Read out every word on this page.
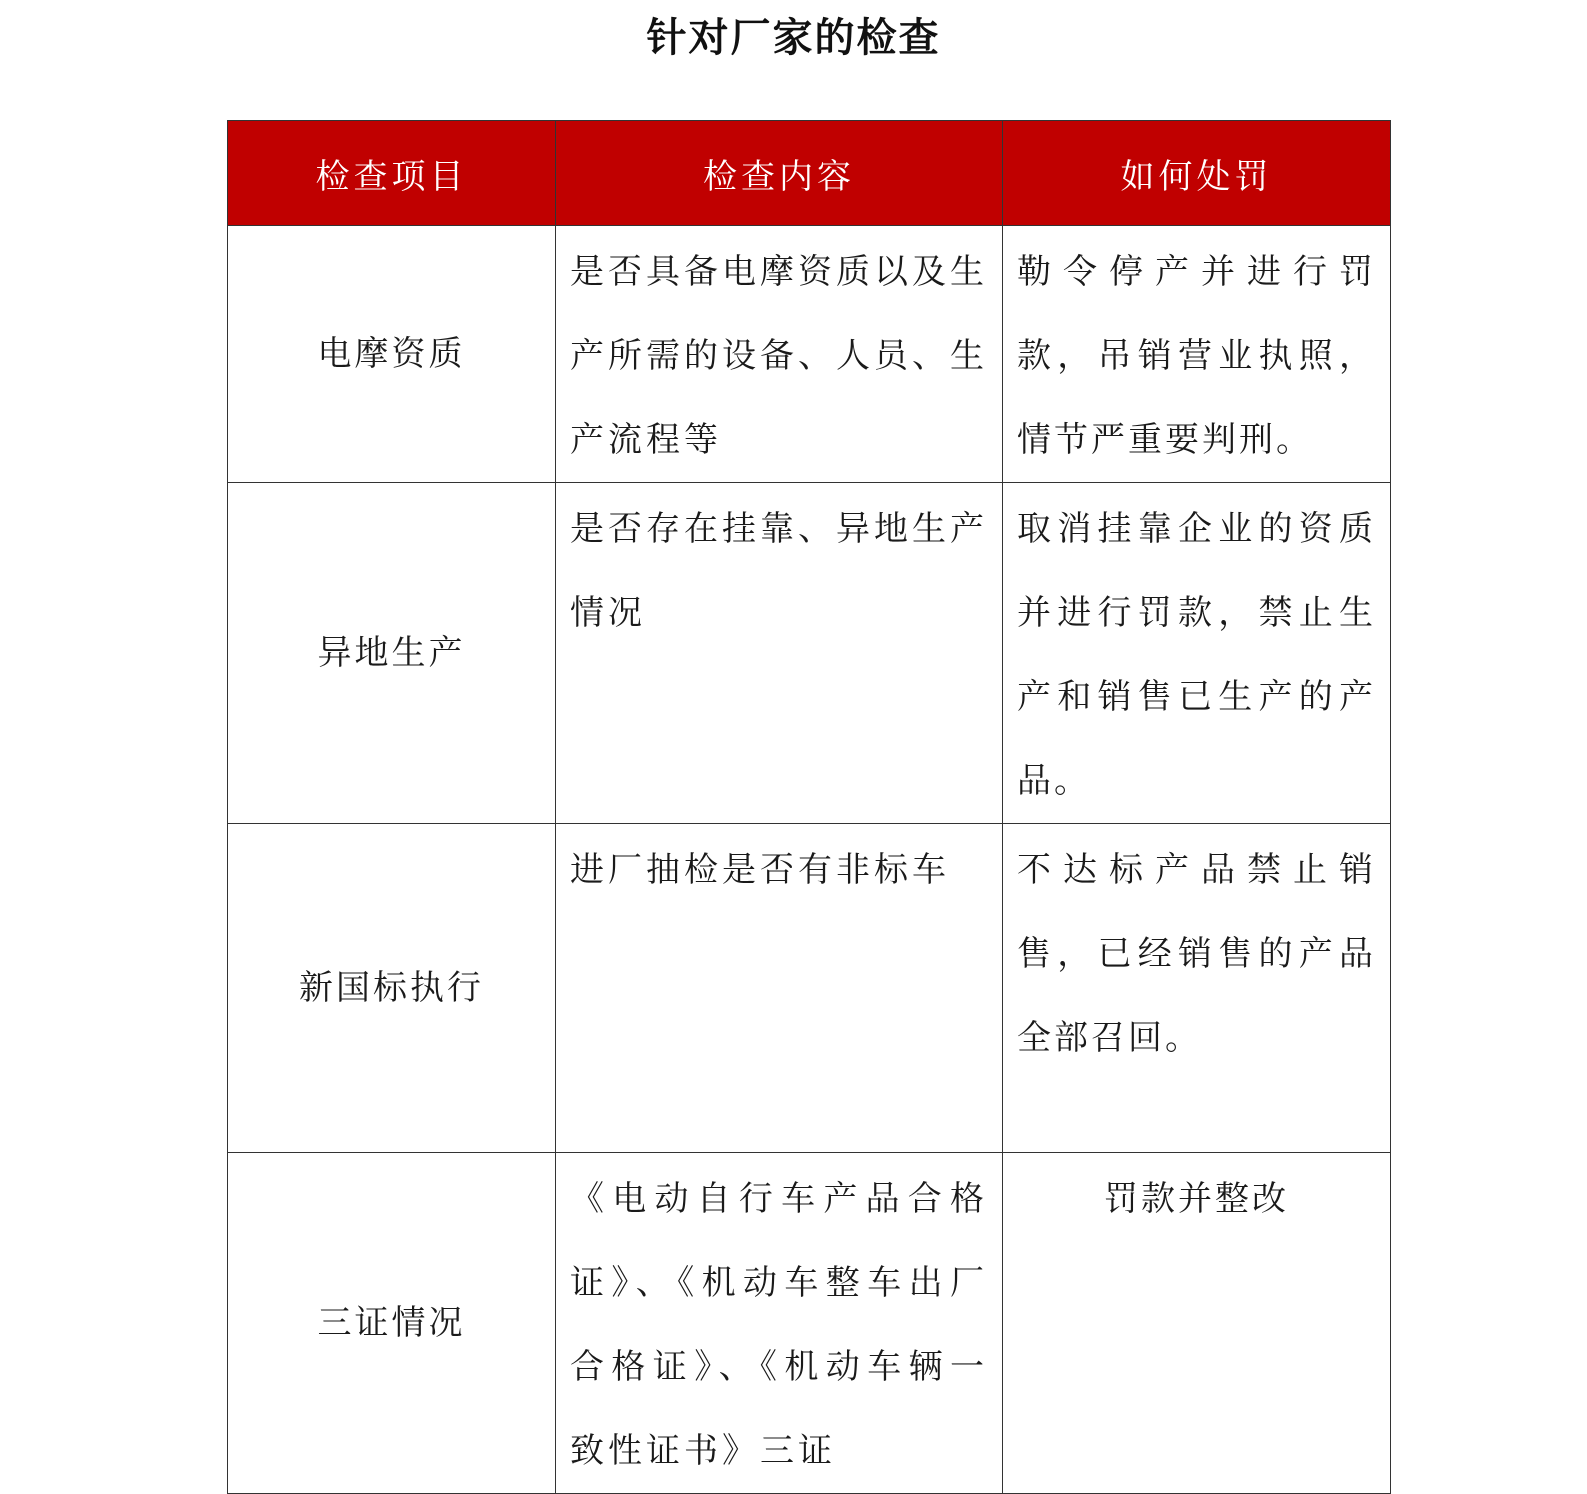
针对厂家的检查
检查项目	检查内容	如何处罚
电摩资质	是否具备电摩资质以及生产所需的设备、人员、生产流程等	勒令停产并进行罚款，吊销营业执照，情节严重要判刑。
异地生产	是否存在挂靠、异地生产情况	取消挂靠企业的资质并进行罚款，禁止生产和销售已生产的产品。
新国标执行	进厂抽检是否有非标车	不达标产品禁止销售，已经销售的产品全部召回。
三证情况	《电动自行车产品合格证》、《机动车整车出厂合格证》、《机动车辆一致性证书》三证	罚款并整改
